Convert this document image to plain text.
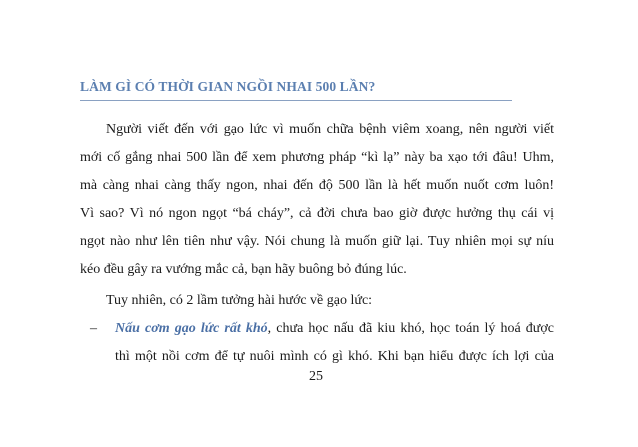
LÀM GÌ CÓ THỜI GIAN NGỒI NHAI 500 LẦN?
Người viết đến với gạo lức vì muốn chữa bệnh viêm xoang, nên người viết
mới cố gắng nhai 500 lần để xem phương pháp “kì lạ” này ba xạo tới đâu! Uhm,
mà càng nhai càng thấy ngon, nhai đến độ 500 lần là hết muốn nuốt cơm luôn!
Vì sao? Vì nó ngon ngọt “bá cháy”, cả đời chưa bao giờ được hưởng thụ cái vị
ngọt nào như lên tiên như vậy. Nói chung là muốn giữ lại. Tuy nhiên mọi sự níu
kéo đều gây ra vướng mắc cả, bạn hãy buông bỏ đúng lúc.
Tuy nhiên, có 2 lầm tưởng hài hước về gạo lức:
– Nấu cơm gạo lức rất khó, chưa học nấu đã kiu khó, học toán lý hoá được
thì một nồi cơm để tự nuôi mình có gì khó. Khi bạn hiểu được ích lợi của
25
